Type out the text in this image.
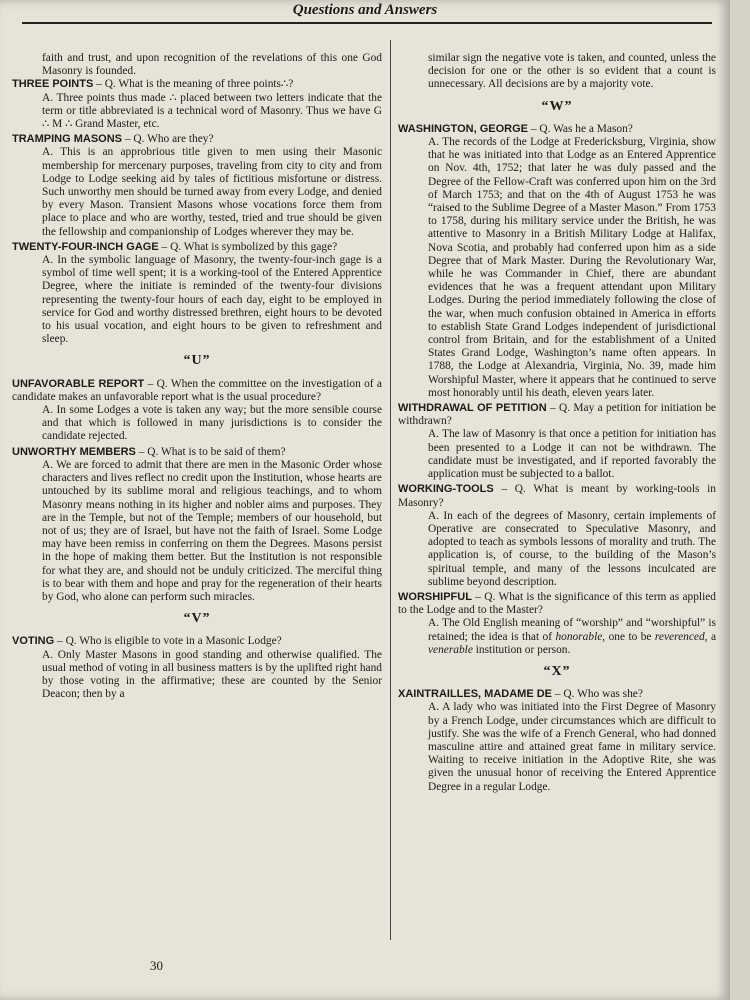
Questions and Answers
faith and trust, and upon recognition of the revelations of this one God Masonry is founded.
THREE POINTS – Q. What is the meaning of three points∴?
A. Three points thus made ∴ placed between two letters indicate that the term or title abbreviated is a technical word of Masonry. Thus we have G ∴ M ∴ Grand Master, etc.
TRAMPING MASONS – Q. Who are they?
A. This is an approbrious title given to men using their Masonic membership for mercenary purposes, traveling from city to city and from Lodge to Lodge seeking aid by tales of fictitious misfortune or distress. Such unworthy men should be turned away from every Lodge, and denied by every Mason. Transient Masons whose vocations force them from place to place and who are worthy, tested, tried and true should be given the fellowship and companionship of Lodges wherever they may be.
TWENTY-FOUR-INCH GAGE – Q. What is symbolized by this gage?
A. In the symbolic language of Masonry, the twenty-four-inch gage is a symbol of time well spent; it is a working-tool of the Entered Apprentice Degree, where the initiate is reminded of the twenty-four divisions representing the twenty-four hours of each day, eight to be employed in service for God and worthy distressed brethren, eight hours to be devoted to his usual vocation, and eight hours to be given to refreshment and sleep.
“U”
UNFAVORABLE REPORT – Q. When the committee on the investigation of a candidate makes an unfavorable report what is the usual procedure?
A. In some Lodges a vote is taken any way; but the more sensible course and that which is followed in many jurisdictions is to consider the candidate rejected.
UNWORTHY MEMBERS – Q. What is to be said of them?
A. We are forced to admit that there are men in the Masonic Order whose characters and lives reflect no credit upon the Institution, whose hearts are untouched by its sublime moral and religious teachings, and to whom Masonry means nothing in its higher and nobler aims and purposes. They are in the Temple, but not of the Temple; members of our household, but not of us; they are of Israel, but have not the faith of Israel. Some Lodge may have been remiss in conferring on them the Degrees. Masons persist in the hope of making them better. But the Institution is not responsible for what they are, and should not be unduly criticized. The merciful thing is to bear with them and hope and pray for the regeneration of their hearts by God, who alone can perform such miracles.
“V”
VOTING – Q. Who is eligible to vote in a Masonic Lodge?
A. Only Master Masons in good standing and otherwise qualified. The usual method of voting in all business matters is by the uplifted right hand by those voting in the affirmative; these are counted by the Senior Deacon; then by a
similar sign the negative vote is taken, and counted, unless the decision for one or the other is so evident that a count is unnecessary. All decisions are by a majority vote.
“W”
WASHINGTON, GEORGE – Q. Was he a Mason?
A. The records of the Lodge at Fredericksburg, Virginia, show that he was initiated into that Lodge as an Entered Apprentice on Nov. 4th, 1752; that later he was duly passed and the Degree of the Fellow-Craft was conferred upon him on the 3rd of March 1753; and that on the 4th of August 1753 he was “raised to the Sublime Degree of a Master Mason.” From 1753 to 1758, during his military service under the British, he was attentive to Masonry in a British Military Lodge at Halifax, Nova Scotia, and probably had conferred upon him as a side Degree that of Mark Master. During the Revolutionary War, while he was Commander in Chief, there are abundant evidences that he was a frequent attendant upon Military Lodges. During the period immediately following the close of the war, when much confusion obtained in America in efforts to establish State Grand Lodges independent of jurisdictional control from Britain, and for the establishment of a United States Grand Lodge, Washington’s name often appears. In 1788, the Lodge at Alexandria, Virginia, No. 39, made him Worshipful Master, where it appears that he continued to serve most honorably until his death, eleven years later.
WITHDRAWAL OF PETITION – Q. May a petition for initiation be withdrawn?
A. The law of Masonry is that once a petition for initiation has been presented to a Lodge it can not be withdrawn. The candidate must be investigated, and if reported favorably the application must be subjected to a ballot.
WORKING-TOOLS – Q. What is meant by working-tools in Masonry?
A. In each of the degrees of Masonry, certain implements of Operative are consecrated to Speculative Masonry, and adopted to teach as symbols lessons of morality and truth. The application is, of course, to the building of the Mason’s spiritual temple, and many of the lessons inculcated are sublime beyond description.
WORSHIPFUL – Q. What is the significance of this term as applied to the Lodge and to the Master?
A. The Old English meaning of “worship” and “worshipful” is retained; the idea is that of honorable, one to be reverenced, a venerable institution or person.
“X”
XAINTRAILLES, MADAME DE – Q. Who was she?
A. A lady who was initiated into the First Degree of Masonry by a French Lodge, under circumstances which are difficult to justify. She was the wife of a French General, who had donned masculine attire and attained great fame in military service. Waiting to receive initiation in the Adoptive Rite, she was given the unusual honor of receiving the Entered Apprentice Degree in a regular Lodge.
30
